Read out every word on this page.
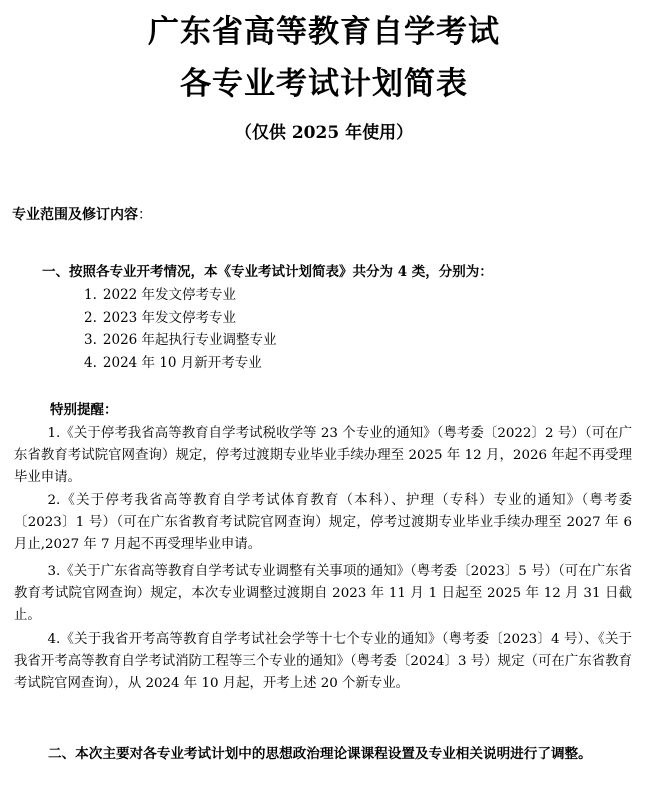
广东省高等教育自学考试
各专业考试计划简表
（仅供 2025 年使用）
专业范围及修订内容：
一、按照各专业开考情况，本《专业考试计划简表》共分为 4 类，分别为：
1. 2022 年发文停考专业
2. 2023 年发文停考专业
3. 2026 年起执行专业调整专业
4. 2024 年 10 月新开考专业
特别提醒：

1.《关于停考我省高等教育自学考试税收学等 23 个专业的通知》（粤考委〔2022〕2 号）（可在广东省教育考试院官网查询）规定，停考过渡期专业毕业手续办理至 2025 年 12 月，2026 年起不再受理毕业申请。

2.《关于停考我省高等教育自学考试体育教育（本科）、护理（专科）专业的通知》（粤考委〔2023〕1 号）（可在广东省教育考试院官网查询）规定，停考过渡期专业毕业手续办理至 2027 年 6 月止,2027 年 7 月起不再受理毕业申请。

3.《关于广东省高等教育自学考试专业调整有关事项的通知》（粤考委〔2023〕5 号）（可在广东省教育考试院官网查询）规定，本次专业调整过渡期自 2023 年 11 月 1 日起至 2025 年 12 月 31 日截止。

4.《关于我省开考高等教育自学考试社会学等十七个专业的通知》（粤考委〔2023〕4 号）、《关于我省开考高等教育自学考试消防工程等三个专业的通知》（粤考委〔2024〕3 号）规定（可在广东省教育考试院官网查询），从 2024 年 10 月起，开考上述 20 个新专业。

二、本次主要对各专业考试计划中的思想政治理论课课程设置及专业相关说明进行了调整。
